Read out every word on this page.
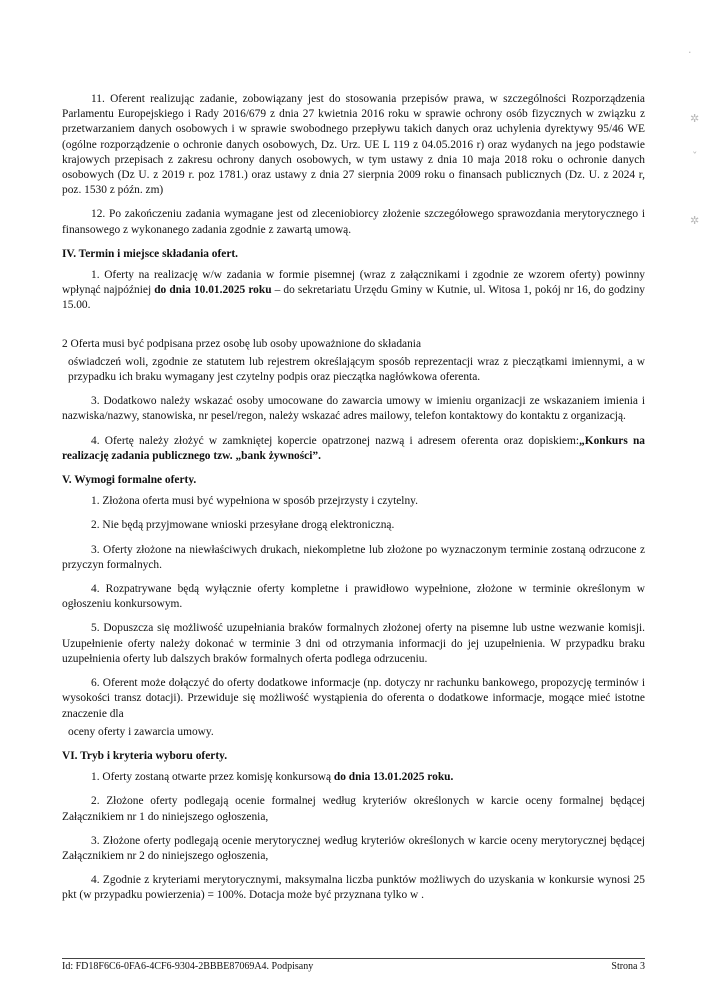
·
✲
ˇ
✲

11. Oferent realizując zadanie, zobowiązany jest do stosowania przepisów prawa, w szczególności Rozporządzenia Parlamentu Europejskiego i Rady 2016/679 z dnia 27 kwietnia 2016 roku w sprawie ochrony osób fizycznych w związku z przetwarzaniem danych osobowych i w sprawie swobodnego przepływu takich danych oraz uchylenia dyrektywy 95/46 WE (ogólne rozporządzenie o ochronie danych osobowych, Dz. Urz. UE L 119 z 04.05.2016 r) oraz wydanych na jego podstawie krajowych przepisach z zakresu ochrony danych osobowych, w tym ustawy z dnia 10 maja 2018 roku o ochronie danych osobowych (Dz U. z 2019 r. poz 1781.) oraz ustawy z dnia 27 sierpnia 2009 roku o finansach publicznych (Dz. U. z 2024 r, poz. 1530 z późn. zm)

12. Po zakończeniu zadania wymagane jest od zleceniobiorcy złożenie szczegółowego sprawozdania merytorycznego i finansowego z wykonanego zadania zgodnie z zawartą umową.

IV. Termin i miejsce składania ofert.

1. Oferty na realizację w/w zadania w formie pisemnej (wraz z załącznikami i zgodnie ze wzorem oferty) powinny wpłynąć najpóźniej do dnia 10.01.2025 roku – do sekretariatu Urzędu Gminy w Kutnie, ul. Witosa 1, pokój nr 16, do godziny 15.00.

2 Oferta musi być podpisana przez osobę lub osoby upoważnione do składania

oświadczeń woli, zgodnie ze statutem lub rejestrem określającym sposób reprezentacji wraz z pieczątkami imiennymi, a w przypadku ich braku wymagany jest czytelny podpis oraz pieczątka nagłówkowa oferenta.

3. Dodatkowo należy wskazać osoby umocowane do zawarcia umowy w imieniu organizacji ze wskazaniem imienia i nazwiska/nazwy, stanowiska, nr pesel/regon, należy wskazać adres mailowy, telefon kontaktowy do kontaktu z organizacją.

4. Ofertę należy złożyć w zamkniętej kopercie opatrzonej nazwą i adresem oferenta oraz dopiskiem:„Konkurs na realizację zadania publicznego tzw. „bank żywności”.

V. Wymogi formalne oferty.

1. Złożona oferta musi być wypełniona w sposób przejrzysty i czytelny.

2. Nie będą przyjmowane wnioski przesyłane drogą elektroniczną.

3. Oferty złożone na niewłaściwych drukach, niekompletne lub złożone po wyznaczonym terminie zostaną odrzucone z przyczyn formalnych.

4. Rozpatrywane będą wyłącznie oferty kompletne i prawidłowo wypełnione, złożone w terminie określonym w ogłoszeniu konkursowym.

5. Dopuszcza się możliwość uzupełniania braków formalnych złożonej oferty na pisemne lub ustne wezwanie komisji. Uzupełnienie oferty należy dokonać w terminie 3 dni od otrzymania informacji do jej uzupełnienia. W przypadku braku uzupełnienia oferty lub dalszych braków formalnych oferta podlega odrzuceniu.

6. Oferent może dołączyć do oferty dodatkowe informacje (np. dotyczy nr rachunku bankowego, propozycję terminów i wysokości transz dotacji). Przewiduje się możliwość wystąpienia do oferenta o dodatkowe informacje, mogące mieć istotne znaczenie dla

oceny oferty i zawarcia umowy.

VI. Tryb i kryteria wyboru oferty.

1. Oferty zostaną otwarte przez komisję konkursową do dnia 13.01.2025 roku.

2. Złożone oferty podlegają ocenie formalnej według kryteriów określonych w karcie oceny formalnej będącej Załącznikiem nr 1 do niniejszego ogłoszenia,

3. Złożone oferty podlegają ocenie merytorycznej według kryteriów określonych w karcie oceny merytorycznej będącej Załącznikiem nr 2 do niniejszego ogłoszenia,

4. Zgodnie z kryteriami merytorycznymi, maksymalna liczba punktów możliwych do uzyskania w konkursie wynosi 25 pkt (w przypadku powierzenia) = 100%. Dotacja może być przyznana tylko w .

Id: FD18F6C6-0FA6-4CF6-9304-2BBBE87069A4. Podpisany	Strona 3
